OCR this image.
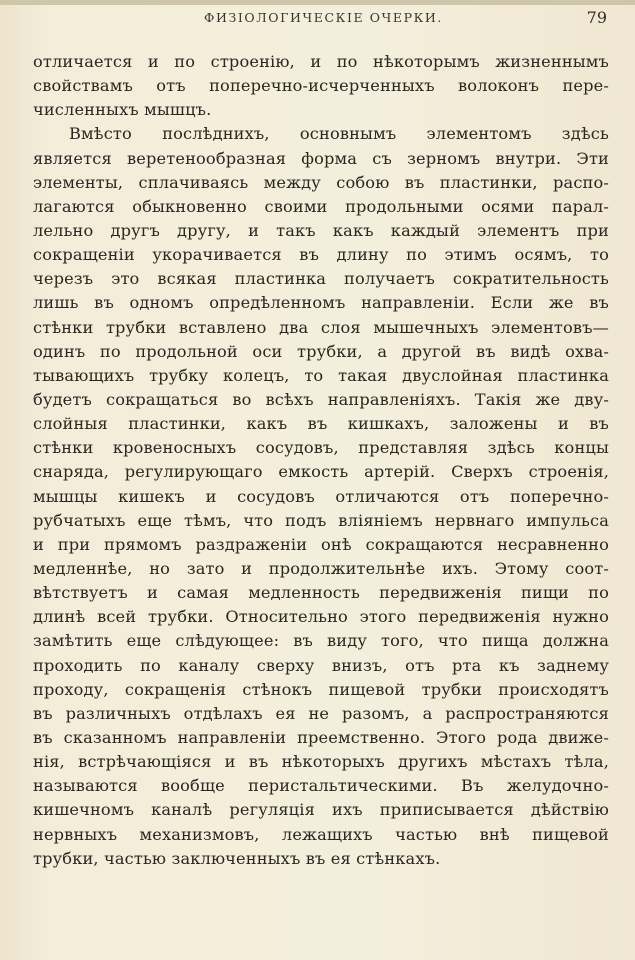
ФИЗІОЛОГИЧЕСКІЕ ОЧЕРКИ.	79
отличается и по строенію, и по нѣкоторымъ жизненнымъ
свойствамъ отъ поперечно-исчерченныхъ волоконъ пере-
численныхъ мышцъ.
Вмѣсто послѣднихъ, основнымъ элементомъ здѣсь
является веретенообразная форма съ зерномъ внутри. Эти
элементы, сплачиваясь между собою въ пластинки, распо-
лагаются обыкновенно своими продольными осями парал-
лельно другъ другу, и такъ какъ каждый элементъ при
сокращеніи укорачивается въ длину по этимъ осямъ, то
черезъ это всякая пластинка получаетъ сократительность
лишь въ одномъ опредѣленномъ направленіи. Если же въ
стѣнки трубки вставлено два слоя мышечныхъ элементовъ—
одинъ по продольной оси трубки, а другой въ видѣ охва-
тывающихъ трубку колецъ, то такая двуслойная пластинка
будетъ сокращаться во всѣхъ направленіяхъ. Такія же дву-
слойныя пластинки, какъ въ кишкахъ, заложены и въ
стѣнки кровеносныхъ сосудовъ, представляя здѣсь концы
снаряда, регулирующаго емкость артерій. Сверхъ строенія,
мышцы кишекъ и сосудовъ отличаются отъ поперечно-
рубчатыхъ еще тѣмъ, что подъ вліяніемъ нервнаго импульса
и при прямомъ раздраженіи онѣ сокращаются несравненно
медленнѣе, но зато и продолжительнѣе ихъ. Этому соот-
вѣтствуетъ и самая медленность передвиженія пищи по
длинѣ всей трубки. Относительно этого передвиженія нужно
замѣтить еще слѣдующее: въ виду того, что пища должна
проходить по каналу сверху внизъ, отъ рта къ заднему
проходу, сокращенія стѣнокъ пищевой трубки происходятъ
въ различныхъ отдѣлахъ ея не разомъ, а распространяются
въ сказанномъ направленіи преемственно. Этого рода движе-
нія, встрѣчающіяся и въ нѣкоторыхъ другихъ мѣстахъ тѣла,
называются вообще перистальтическими. Въ желудочно-
кишечномъ каналѣ регуляція ихъ приписывается дѣйствію
нервныхъ механизмовъ, лежащихъ частью внѣ пищевой
трубки, частью заключенныхъ въ ея стѣнкахъ.
